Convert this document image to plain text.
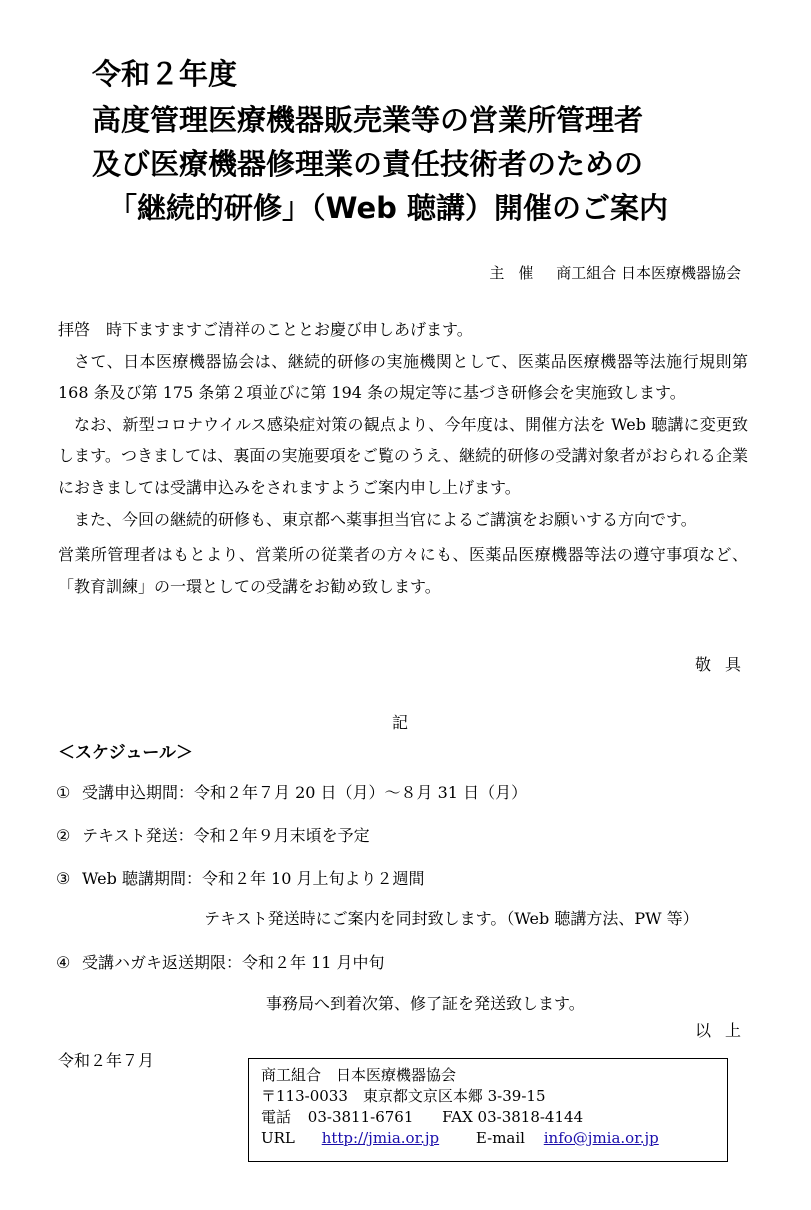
令和２年度
高度管理医療機器販売業等の営業所管理者
及び医療機器修理業の責任技術者のための
「継続的研修」（Web 聴講）開催のご案内
主催 商工組合 日本医療機器協会

拝啓　時下ますますご清祥のこととお慶び申しあげます。

さて、日本医療機器協会は、継続的研修の実施機関として、医薬品医療機器等法施行規則第 168 条及び第 175 条第２項並びに第 194 条の規定等に基づき研修会を実施致します。

なお、新型コロナウイルス感染症対策の観点より、今年度は、開催方法を Web 聴講に変更致します。つきましては、裏面の実施要項をご覧のうえ、継続的研修の受講対象者がおられる企業におきましては受講申込みをされますようご案内申し上げます。

また、今回の継続的研修も、東京都へ薬事担当官によるご講演をお願いする方向です。

営業所管理者はもとより、営業所の従業者の方々にも、医薬品医療機器等法の遵守事項など、「教育訓練」の一環としての受講をお勧め致します。

敬具
記
＜スケジュール＞
① 受講申込期間：令和２年７月 20 日（月）～８月 31 日（月）
② テキスト発送：令和２年９月末頃を予定
③ Web 聴講期間：令和２年 10 月上旬より２週間
テキスト発送時にご案内を同封致します。（Web 聴講方法、PW 等）
④ 受講ハガキ返送期限：令和２年 11 月中旬
事務局へ到着次第、修了証を発送致します。
以上
令和２年７月
商工組合　日本医療機器協会
〒113-0033　東京都文京区本郷 3-39-15
電話 03-3811-6761 FAX 03-3818-4144
URL http://jmia.or.jp E-mail info@jmia.or.jp
